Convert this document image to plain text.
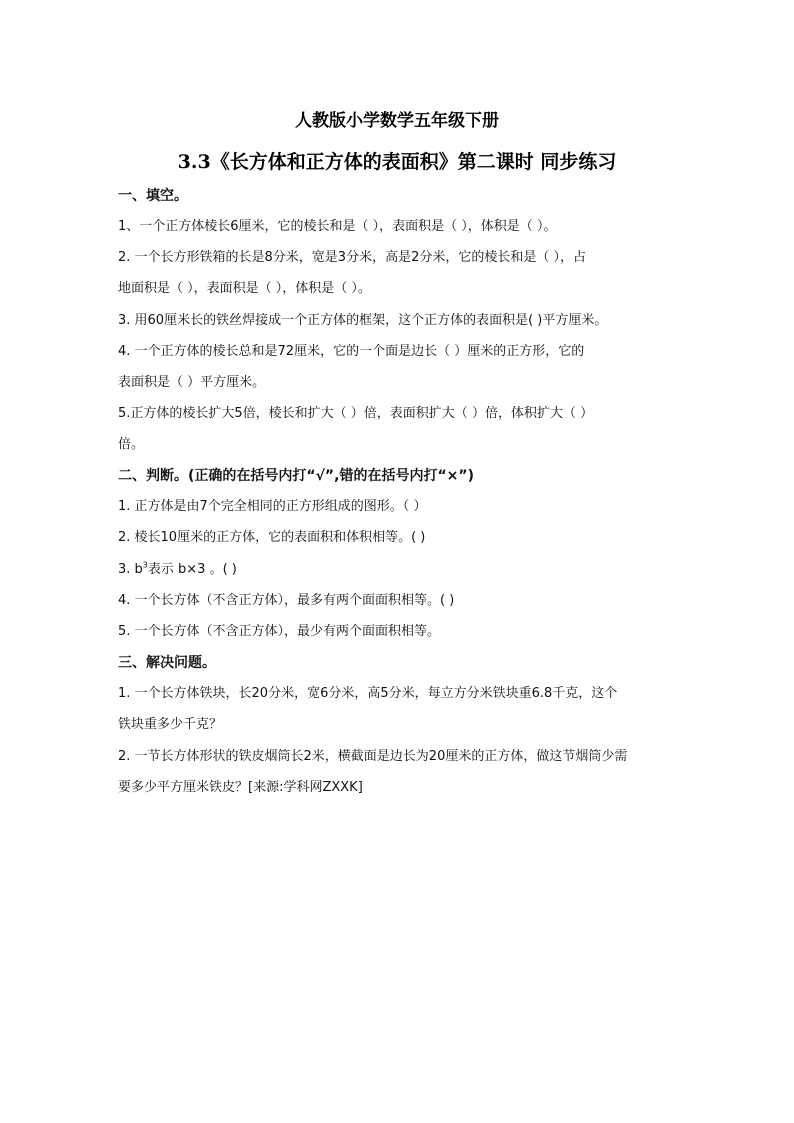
人教版小学数学五年级下册
3.3《长方体和正方体的表面积》第二课时 同步练习
一、填空。
1、一个正方体棱长6厘米，它的棱长和是（ ），表面积是（ ），体积是（ ）。
2. 一个长方形铁箱的长是8分米，宽是3分米，高是2分米，它的棱长和是（ ），占
地面积是（ ），表面积是（ ），体积是（ ）。
3. 用60厘米长的铁丝焊接成一个正方体的框架，这个正方体的表面积是( )平方厘米。
4. 一个正方体的棱长总和是72厘米，它的一个面是边长（ ）厘米的正方形，它的
表面积是（ ）平方厘米。
5.正方体的棱长扩大5倍，棱长和扩大（ ）倍，表面积扩大（ ）倍，体积扩大（ ）
倍。
二、判断。(正确的在括号内打“√”,错的在括号内打“×”)
1. 正方体是由7个完全相同的正方形组成的图形。（ ）
2. 棱长10厘米的正方体，它的表面积和体积相等。( )
3. $b^3$表示 b×3 。( )
4. 一个长方体（不含正方体），最多有两个面面积相等。( )
5. 一个长方体（不含正方体），最少有两个面面积相等。
三、解决问题。
1. 一个长方体铁块，长20分米，宽6分米，高5分米，每立方分米铁块重6.8千克，这个
铁块重多少千克？
2. 一节长方体形状的铁皮烟筒长2米，横截面是边长为20厘米的正方体，做这节烟筒少需
要多少平方厘米铁皮？[来源:学科网ZXXK]
